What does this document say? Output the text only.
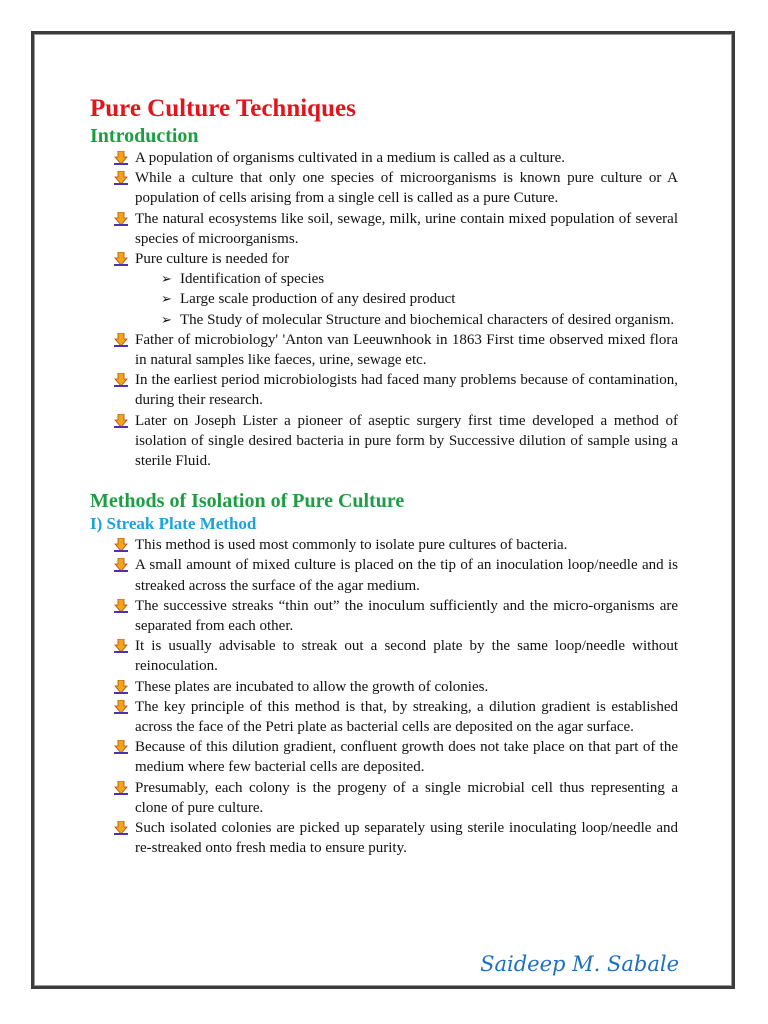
Pure Culture Techniques
Introduction
A population of organisms cultivated in a medium is called as a culture.
While a culture that only one species of microorganisms is known pure culture or A population of cells arising from a single cell is called as a pure Cuture.
The natural ecosystems like soil, sewage, milk, urine contain mixed population of several species of microorganisms.
Pure culture is needed for
➢ Identification of species
➢ Large scale production of any desired product
➢ The Study of molecular Structure and biochemical characters of desired organism.
Father of microbiology' 'Anton van Leeuwnhook in 1863 First time observed mixed flora in natural samples like faeces, urine, sewage etc.
In the earliest period microbiologists had faced many problems because of contamination, during their research.
Later on Joseph Lister a pioneer of aseptic surgery first time developed a method of isolation of single desired bacteria in pure form by Successive dilution of sample using a sterile Fluid.
Methods of Isolation of Pure Culture
I) Streak Plate Method
This method is used most commonly to isolate pure cultures of bacteria.
A small amount of mixed culture is placed on the tip of an inoculation loop/needle and is streaked across the surface of the agar medium.
The successive streaks “thin out” the inoculum sufficiently and the micro-organisms are separated from each other.
It is usually advisable to streak out a second plate by the same loop/needle without reinoculation.
These plates are incubated to allow the growth of colonies.
The key principle of this method is that, by streaking, a dilution gradient is established across the face of the Petri plate as bacterial cells are deposited on the agar surface.
Because of this dilution gradient, confluent growth does not take place on that part of the medium where few bacterial cells are deposited.
Presumably, each colony is the progeny of a single microbial cell thus representing a clone of pure culture.
Such isolated colonies are picked up separately using sterile inoculating loop/needle and re-streaked onto fresh media to ensure purity.
Saideep M. Sabale
